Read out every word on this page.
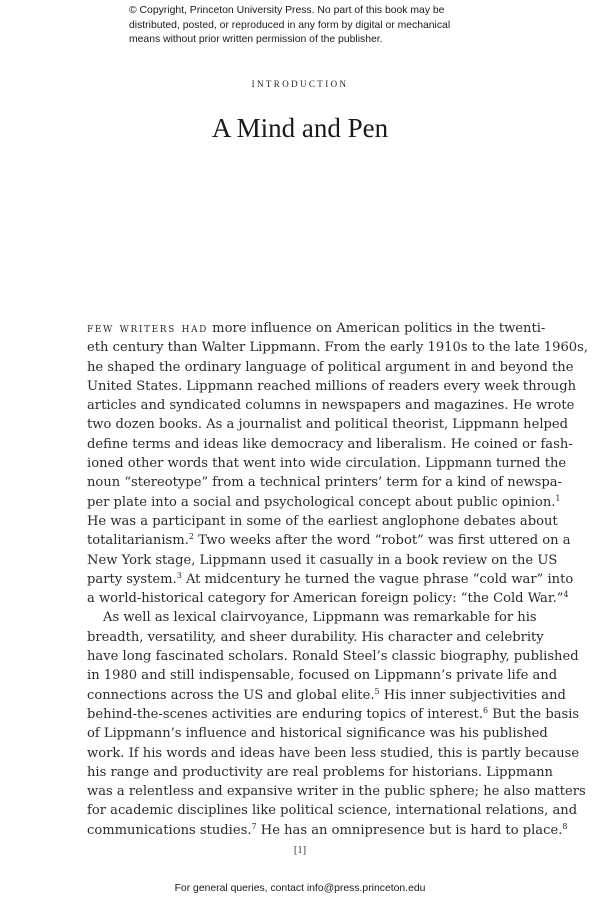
© Copyright, Princeton University Press. No part of this book may be
distributed, posted, or reproduced in any form by digital or mechanical
means without prior written permission of the publisher.
introduction
A Mind and Pen

few writers had more influence on American politics in the twenti-
eth century than Walter Lippmann. From the early 1910s to the late 1960s,
he shaped the ordinary language of political argument in and beyond the
United States. Lippmann reached millions of readers every week through
articles and syndicated columns in newspapers and magazines. He wrote
two dozen books. As a journalist and political theorist, Lippmann helped
define terms and ideas like democracy and liberalism. He coined or fash-
ioned other words that went into wide circulation. Lippmann turned the
noun “stereotype” from a technical printers’ term for a kind of newspa-
per plate into a social and psychological concept about public opinion.$^1$
He was a participant in some of the earliest anglophone debates about
totalitarianism.$^2$ Two weeks after the word “robot” was first uttered on a
New York stage, Lippmann used it casually in a book review on the US
party system.$^3$ At midcentury he turned the vague phrase “cold war” into
a world-historical category for American foreign policy: “the Cold War.”$^4$

As well as lexical clairvoyance, Lippmann was remarkable for his
breadth, versatility, and sheer durability. His character and celebrity
have long fascinated scholars. Ronald Steel’s classic biography, published
in 1980 and still indispensable, focused on Lippmann’s private life and
connections across the US and global elite.$^5$ His inner subjectivities and
behind-the-scenes activities are enduring topics of interest.$^6$ But the basis
of Lippmann’s influence and historical significance was his published
work. If his words and ideas have been less studied, this is partly because
his range and productivity are real problems for historians. Lippmann
was a relentless and expansive writer in the public sphere; he also matters
for academic disciplines like political science, international relations, and
communications studies.$^7$ He has an omnipresence but is hard to place.$^8$

[1]
For general queries, contact info@press.princeton.edu
